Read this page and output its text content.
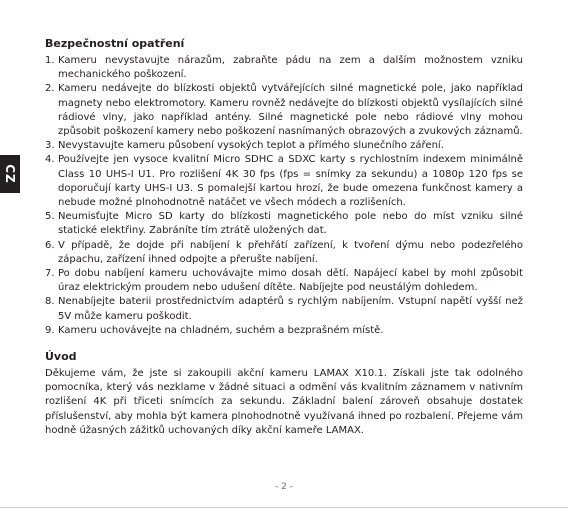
CZ
Bezpečnostní opatření
1. Kameru nevystavujte nárazům, zabraňte pádu na zem a dalším možnostem vzniku mechanického poškození.
2. Kameru nedávejte do blízkosti objektů vytvářejících silné magnetické pole, jako například magnety nebo elektromotory. Kameru rovněž nedávejte do blízkosti objektů vysílajících silné rádiové vlny, jako například antény. Silné magnetické pole nebo rádiové vlny mohou způsobit poškození kamery nebo poškození nasnímaných obrazových a zvukových záznamů.
3. Nevystavujte kameru působení vysokých teplot a přímého slunečního záření.
4. Používejte jen vysoce kvalitní Micro SDHC a SDXC karty s rychlostním indexem minimálně Class 10 UHS-I U1. Pro rozlišení 4K 30 fps (fps = snímky za sekundu) a 1080p 120 fps se doporučují karty UHS-I U3. S pomalejší kartou hrozí, že bude omezena funkčnost kamery a nebude možné plnohodnotně natáčet ve všech módech a rozlišeních.
5. Neumisťujte Micro SD karty do blízkosti magnetického pole nebo do míst vzniku silné statické elektřiny. Zabráníte tím ztrátě uložených dat.
6. V případě, že dojde při nabíjení k přehřátí zařízení, k tvoření dýmu nebo podezřelého zápachu, zařízení ihned odpojte a přerušte nabíjení.
7. Po dobu nabíjení kameru uchovávajte mimo dosah dětí. Napájecí kabel by mohl způsobit úraz elektrickým proudem nebo udušení dítěte. Nabíjejte pod neustálým dohledem.
8. Nenabíjejte baterii prostřednictvím adaptérů s rychlým nabíjením. Vstupní napětí vyšší než 5V může kameru poškodit.
9. Kameru uchovávejte na chladném, suchém a bezprašném místě.
Úvod

Děkujeme vám, že jste si zakoupili akční kameru LAMAX X10.1. Získali jste tak odolného pomocníka, který vás nezklame v žádné situaci a odmění vás kvalitním záznamem v nativním rozlišení 4K při třiceti snímcích za sekundu. Základní balení zároveň obsahuje dostatek příslušenství, aby mohla být kamera plnohodnotně využívaná ihned po rozbalení. Přejeme vám hodně úžasných zážitků uchovaných díky akční kameře LAMAX.

- 2 -
